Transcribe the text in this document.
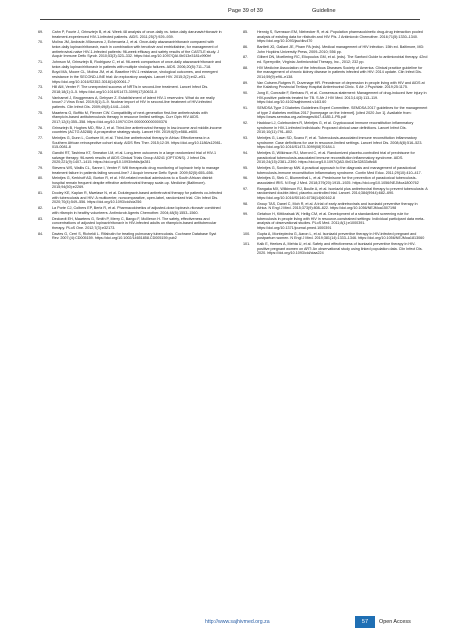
Page 39 of 39	Guideline
69. Cahn P, Fourie J, Grinsztejn B, et al. Week 48 analysis of once-daily vs. twice-daily darunavir/ritonavir in treatment-experienced HIV-1-infected patients. AIDS. 2011;25(7):929–939.
70. Molina JM, Andrade-Villanueva J, Echevarria J, et al. Once-daily atazanavir/ritonavir compared with twice-daily lopinavir/ritonavir, each in combination with tenofovir and emtricitabine, for management of antiretroviral-naive HIV-1-infected patients: 96-week efficacy and safety results of the CASTLE study. J Acquir Immune Defic Syndr. 2010;53(3):323–332. https://doi.org/10.1097/QAI.0b013e3181c990bf
71. Johnson M, Grinsztejn B, Rodriguez C, et al. 96-week comparison of once-daily atazanavir/ritonavir and twice-daily lopinavir/ritonavir in patients with multiple virologic failures. AIDS. 2006;20(5):711–718.
72. Boyd MA, Moore CL, Molina JM, et al. Baseline HIV-1 resistance, virological outcomes, and emergent resistance in the SECOND-LINE trial: An exploratory analysis. Lancet HIV. 2015;2(2):e42–e51. https://doi.org/10.1016/S2352-3018(14)00061-7
73. Hill AM, Venter F. The unexpected success of NRTIs in second-line treatment. Lancet Infect Dis. 2018;18(1):3–5. https://doi.org/10.1016/S1473-3099(17)30631-0
74. Vanhamel J, Bruggemans A, Debyser Z. Establishment of latent HIV-1 reservoirs: What do we really know? J Virus Erad. 2019;5(1):3–9. Nuclear import of HIV in second-line treatment of HIV-infected patients. Clin Infect Dis. 2009;49(8):1441–1449.
75. Maartens G, Boffito M, Flexner CW. Compatibility of next-generation first-line antiretrovirals with rifampicin-based antituberculosis therapy in resource limited settings. Curr Opin HIV AIDS. 2017;12(4):355–358. https://doi.org/10.1097/COH.0000000000000376
76. Grinsztejn B, Hughes MD, Ritz J, et al. Third-line antiretroviral therapy in low-income and middle-income countries (ACTG A5288): A prospective strategy study. Lancet HIV. 2019;6(9):e588–e600.
77. Meintjes G, Dunn L, Coetsee M, et al. Third-line antiretroviral therapy in Africa: Effectiveness in a Southern African retrospective cohort study. AIDS Res Ther. 2015;12:39. https://doi.org/10.1186/s12981-015-0081-8
78. Gandhi RT, Tashima KT, Smeaton LM, et al. Long-term outcomes in a large randomized trial of HIV-1 salvage therapy: 96-week results of AIDS Clinical Trials Group A5241 (OPTIONS). J Infect Dis. 2020;221(9):1407–1415. https://doi.org/10.1093/infdis/jiz281
79. Stevens WS, Wallis CL, Sanne I, Venter F. Will therapeutic drug monitoring of lopinavir help to manage treatment failure in patients failing second-line? J Acquir Immune Defic Syndr. 2009;52(5):655–656.
80. Meintjes G, Kerkhoff AD, Burton R, et al. HIV-related medical admissions to a South African district hospital remain frequent despite effective antiretroviral therapy scale-up. Medicine (Baltimore). 2015;94(50):e2269.
81. Dooley KE, Kaplan R, Mwelase N, et al. Dolutegravir-based antiretroviral therapy for patients co-infected with tuberculosis and HIV: A multicenter, noncomparative, open-label, randomized trial. Clin Infect Dis. 2020;70(4):549–556. https://doi.org/10.1093/cid/ciz256
82. La Porte CJ, Colbers EP, Bertz R, et al. Pharmacokinetics of adjusted-dose lopinavir-ritonavir combined with rifampin in healthy volunteers. Antimicrob Agents Chemother. 2004;48(5):1553–1560.
83. Decloedt EH, Maartens G, Smith P, Merry C, Bango F, McIlleron H. The safety, effectiveness and concentrations of adjusted lopinavir/ritonavir in HIV-infected adults on rifampicin-based antitubercular therapy. PLoS One. 2012;7(3):e32173.
84. Davies G, Cerri S, Richeldi L. Rifabutin for treating pulmonary tuberculosis. Cochrane Database Syst Rev. 2007;(4):CD005159. https://doi.org/10.1002/14651858.CD005159.pub2
85. Hennig S, Svensson EM, Niebecker R, et al. Population pharmacokinetic drug-drug interaction pooled analysis of existing data for rifabutin and HIV PIs. J Antimicrob Chemother. 2016;71(5):1330–1340. https://doi.org/10.1093/jac/dkv470
86. Bartlett JG, Gallant JE, Pham PA (eds). Medical management of HIV infection. 15th ed. Baltimore, MD: John Hopkins University Press, 2009–2010; 556 pp.
87. Gilbert DN, Moellering RC, Eliopoulos GM, et al. (eds). The Sanford Guide to antimicrobial therapy. 42nd ed. Sperryville, Virginia: Antimicrobial Therapy, Inc., 2012; 232 pp.
88. HIV Medicine Association of the Infectious Diseases Society of America. Clinical practice guideline for the management of chronic kidney disease in patients infected with HIV: 2014 update. Clin Infect Dis. 2014;59(9):e96–e138.
89. Van Cutsem-Rutgers R, Duvenage HR. Prevalence of depression in people living with HIV and AIDS at the Kalafong Provincial Tertiary Hospital Antiretroviral Clinic. S Afr J Psychiatr. 2019;25:1175.
90. Jong E, Conradie F, Berhanu R, et al. Consensus statement: Management of drug-induced liver injury in HIV-positive patients treated for TB. S Afr J HIV Med. 2013;14(3):113–119. https://doi.org/10.4102/sajhivmed.v14i3.60
91. SEMDSA Type 2 Diabetes Guidelines Expert Committee. SEMDSA 2017 guidelines for the management of type 2 diabetes mellitus 2017 [homepage on the Internet]. [cited 2020 Jun 1]. Available from: https://www.semdsa.org.za/images/647-4385-1-PB.pdf
92. Haddow LJ, Colebunders R, Meintjes G, et al. Cryptococcal immune reconstitution inflammatory syndrome in HIV-1-infected individuals: Proposed clinical case definitions. Lancet Infect Dis. 2010;10(11):791–802.
93. Meintjes G, Lawn SD, Scano F, et al. Tuberculosis-associated immune reconstitution inflammatory syndrome: Case definitions for use in resource-limited settings. Lancet Infect Dis. 2008;8(8):516–523. https://doi.org/10.1016/S1473-3099(08)70184-1
94. Meintjes G, Wilkinson RJ, Morroni C, et al. Randomized placebo-controlled trial of prednisone for paradoxical tuberculosis-associated immune reconstitution inflammatory syndrome. AIDS. 2010;24(15):2381–2390. https://doi.org/10.1097/QAD.0b013e32833dfc68
95. Meintjes G, Sonderup MW. A practical approach to the diagnosis and management of paradoxical tuberculosis-immune reconstitution inflammatory syndrome. Contin Med Educ. 2011;29(10):410–417.
96. Meintjes G, Stek C, Blumenthal L, et al. Prednisone for the prevention of paradoxical tuberculosis-associated IRIS. N Engl J Med. 2018;379(20):1915–1925. https://doi.org/10.1056/NEJMoa1800762
97. Rangaka MX, Wilkinson RJ, Boulle A, et al. Isoniazid plus antiretroviral therapy to prevent tuberculosis: A randomised double-blind, placebo-controlled trial. Lancet. 2014;384(9944):682–690. https://doi.org/10.1016/S0140-6736(14)60162-8
98. Group TAS, Danel C, Moh R, et al. A trial of early antiretrovirals and isoniazid preventive therapy in Africa. N Engl J Med. 2015;373(9):808–822. https://doi.org/10.1056/NEJMoa1507198
99. Getahun H, Kittikraisak W, Heilig CM, et al. Development of a standardized screening rule for tuberculosis in people living with HIV in resource-constrained settings: Individual participant data meta-analysis of observational studies. PLoS Med. 2011;8(1):e1000391. https://doi.org/10.1371/journal.pmed.1000391
100. Gupta A, Montepiedra G, Aaron L, et al. Isoniazid preventive therapy in HIV-infected pregnant and postpartum women. N Engl J Med. 2019;381(14):1333–1346. https://doi.org/10.1056/NEJMoa1813060
101. Kalk E, Heekes A, Mehta U, et al. Safety and effectiveness of isoniazid preventive therapy in HIV-positive pregnant women on ART: An observational study using linked population data. Clin Infect Dis. 2020. https://doi.org/10.1093/cid/ciaa224
http://www.sajhivmed.org.za	57	Open Access
